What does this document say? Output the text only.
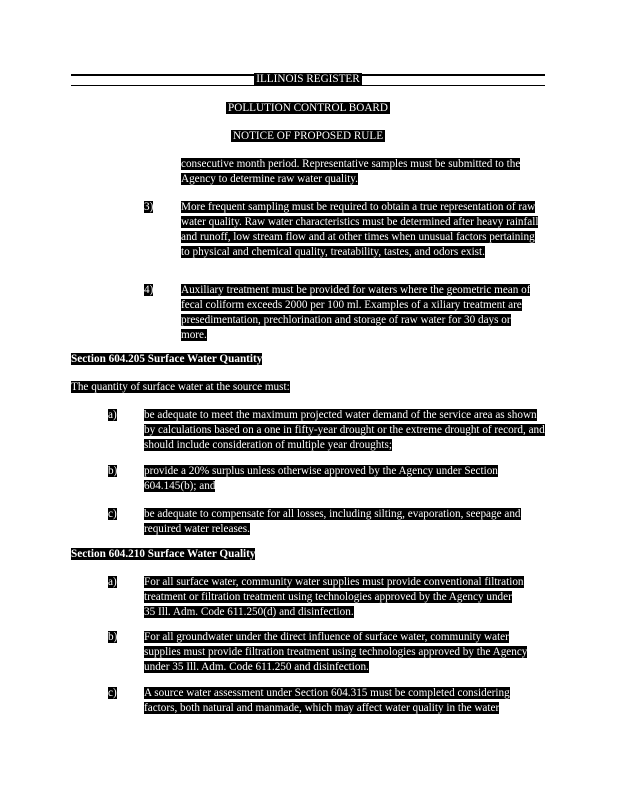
ILLINOIS REGISTER
POLLUTION CONTROL BOARD
NOTICE OF PROPOSED RULE
consecutive month period. Representative samples must be submitted to the Agency to determine raw water quality.
3) More frequent sampling must be required to obtain a true representation of raw water quality. Raw water characteristics must be determined after heavy rainfall and runoff, low stream flow and at other times when unusual factors pertaining to physical and chemical quality, treatability, tastes, and odors exist.
4) Auxiliary treatment must be provided for waters where the geometric mean of fecal coliform exceeds 2000 per 100 ml. Examples of a xiliary treatment are presedimentation, prechlorination and storage of raw water for 30 days or more.
Section 604.205 Surface Water Quantity
The quantity of surface water at the source must:
a) be adequate to meet the maximum projected water demand of the service area as shown by calculations based on a one in fifty-year drought or the extreme drought of record, and should include consideration of multiple year droughts;
b) provide a 20% surplus unless otherwise approved by the Agency under Section 604.145(b); and
c) be adequate to compensate for all losses, including silting, evaporation, seepage and required water releases.
Section 604.210 Surface Water Quality
a) For all surface water, community water supplies must provide conventional filtration treatment or filtration treatment using technologies approved by the Agency under 35 Ill. Adm. Code 611.250(d) and disinfection.
b) For all groundwater under the direct influence of surface water, community water supplies must provide filtration treatment using technologies approved by the Agency under 35 Ill. Adm. Code 611.250 and disinfection.
c) A source water assessment under Section 604.315 must be completed considering factors, both natural and manmade, which may affect water quality in the water
